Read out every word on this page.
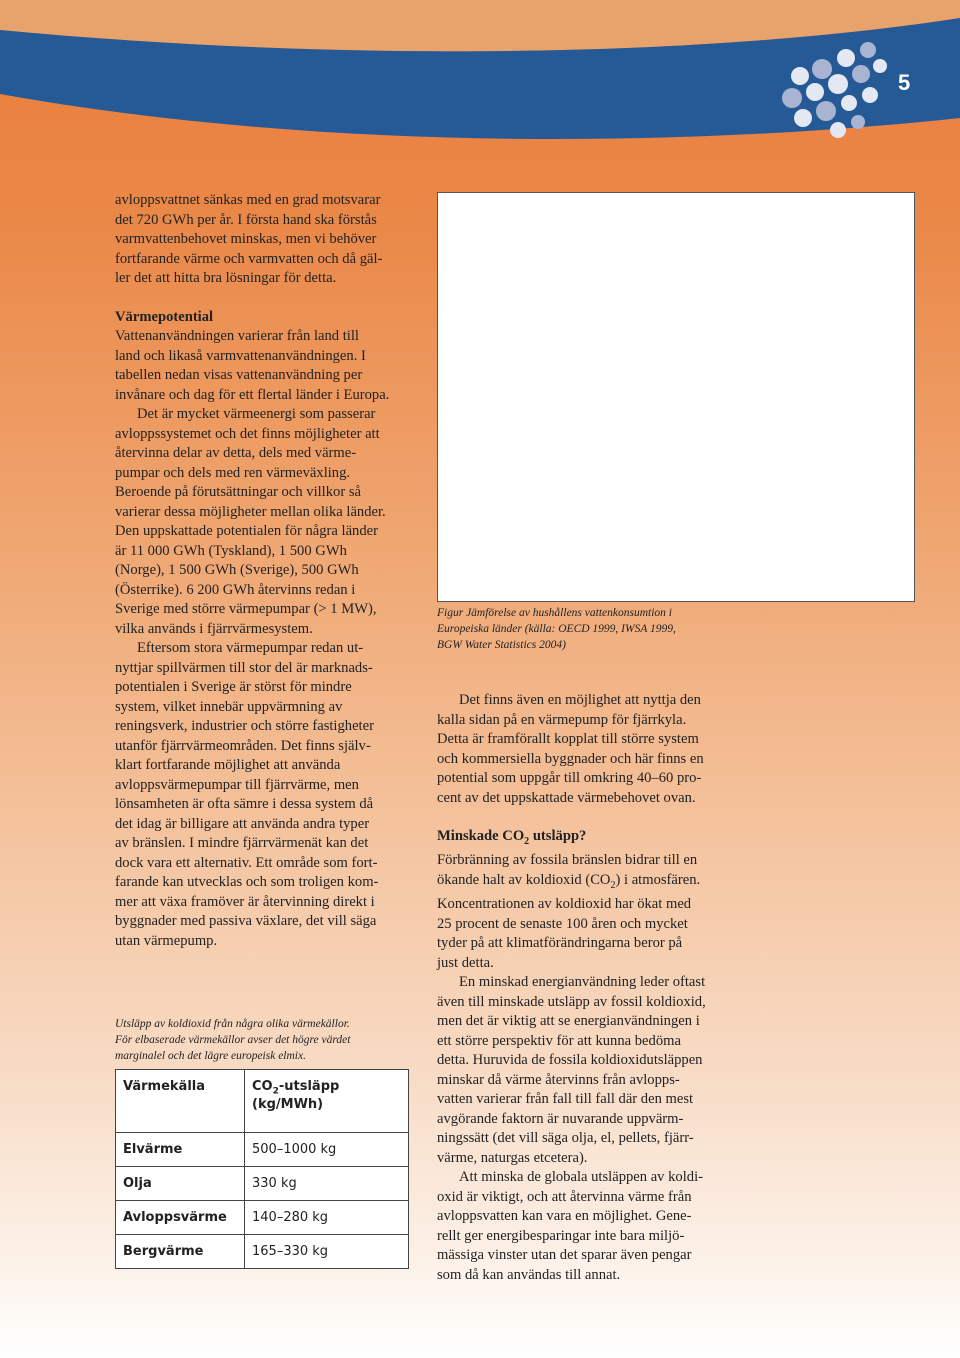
5

avloppsvattnet sänkas med en grad motsvarar
det 720 GWh per år. I första hand ska förstås
varmvattenbehovet minskas, men vi behöver
fortfarande värme och varmvatten och då gäl-
ler det att hitta bra lösningar för detta.

Värmepotential

Vattenanvändningen varierar från land till
land och likaså varmvattenanvändningen. I
tabellen nedan visas vattenanvändning per
invånare och dag för ett flertal länder i Europa.

Det är mycket värmeenergi som passerar
avloppssystemet och det finns möjligheter att
återvinna delar av detta, dels med värme-
pumpar och dels med ren värmeväxling.
Beroende på förutsättningar och villkor så
varierar dessa möjligheter mellan olika länder.
Den uppskattade potentialen för några länder
är 11 000 GWh (Tyskland), 1 500 GWh
(Norge), 1 500 GWh (Sverige), 500 GWh
(Österrike). 6 200 GWh återvinns redan i
Sverige med större värmepumpar (> 1 MW),
vilka används i fjärrvärmesystem.

Eftersom stora värmepumpar redan ut-
nyttjar spillvärmen till stor del är marknads-
potentialen i Sverige är störst för mindre
system, vilket innebär uppvärmning av
reningsverk, industrier och större fastigheter
utanför fjärrvärmeområden. Det finns själv-
klart fortfarande möjlighet att använda
avloppsvärmepumpar till fjärrvärme, men
lönsamheten är ofta sämre i dessa system då
det idag är billigare att använda andra typer
av bränslen. I mindre fjärrvärmenät kan det
dock vara ett alternativ. Ett område som fort-
farande kan utvecklas och som troligen kom-
mer att växa framöver är återvinning direkt i
byggnader med passiva växlare, det vill säga
utan värmepump.

Utsläpp av koldioxid från några olika värmekällor.
För elbaserade värmekällor avser det högre värdet
marginalel och det lägre europeisk elmix.
Värmekälla	$CO_2$-utsläpp
(kg/MWh)
Elvärme	500–1000 kg
Olja	330 kg
Avloppsvärme	140–280 kg
Bergvärme	165–330 kg
Figur Jämförelse av hushållens vattenkonsumtion i
Europeiska länder (källa: OECD 1999, IWSA 1999,
BGW Water Statistics 2004)

Det finns även en möjlighet att nyttja den
kalla sidan på en värmepump för fjärrkyla.
Detta är framförallt kopplat till större system
och kommersiella byggnader och här finns en
potential som uppgår till omkring 40–60 pro-
cent av det uppskattade värmebehovet ovan.

Minskade $CO_2$ utsläpp?

Förbränning av fossila bränslen bidrar till en
ökande halt av koldioxid $(CO_2)$ i atmosfären.
Koncentrationen av koldioxid har ökat med
25 procent de senaste 100 åren och mycket
tyder på att klimatförändringarna beror på
just detta.

En minskad energianvändning leder oftast
även till minskade utsläpp av fossil koldioxid,
men det är viktig att se energianvändningen i
ett större perspektiv för att kunna bedöma
detta. Huruvida de fossila koldioxidutsläppen
minskar då värme återvinns från avlopps-
vatten varierar från fall till fall där den mest
avgörande faktorn är nuvarande uppvärm-
ningssätt (det vill säga olja, el, pellets, fjärr-
värme, naturgas etcetera).

Att minska de globala utsläppen av koldi-
oxid är viktigt, och att återvinna värme från
avloppsvatten kan vara en möjlighet. Gene-
rellt ger energibesparingar inte bara miljö-
mässiga vinster utan det sparar även pengar
som då kan användas till annat.
